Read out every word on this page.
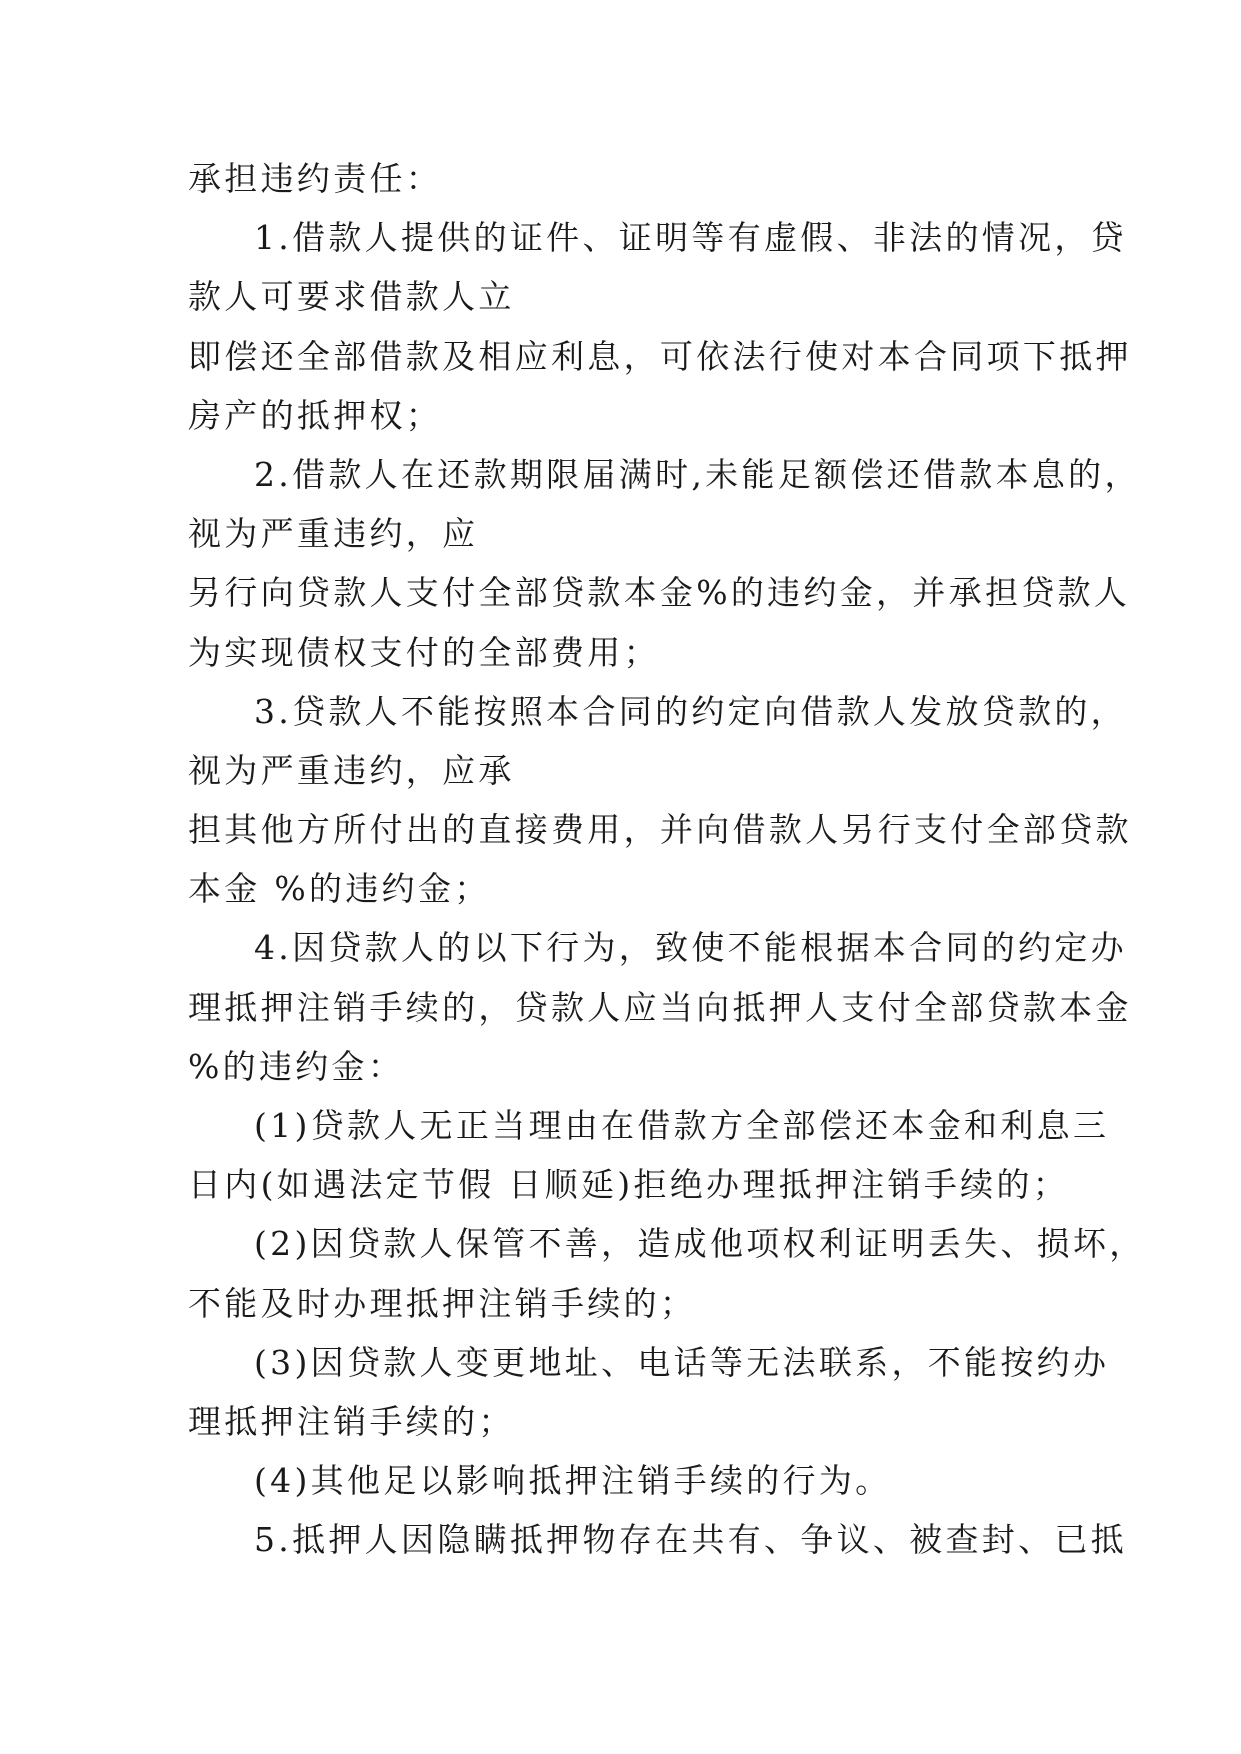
承担违约责任：
1.借款人提供的证件、证明等有虚假、非法的情况，贷
款人可要求借款人立
即偿还全部借款及相应利息，可依法行使对本合同项下抵押
房产的抵押权；
2.借款人在还款期限届满时,未能足额偿还借款本息的，
视为严重违约，应
另行向贷款人支付全部贷款本金%的违约金，并承担贷款人
为实现债权支付的全部费用；
3.贷款人不能按照本合同的约定向借款人发放贷款的，
视为严重违约，应承
担其他方所付出的直接费用，并向借款人另行支付全部贷款
本金 %的违约金；
4.因贷款人的以下行为，致使不能根据本合同的约定办
理抵押注销手续的，贷款人应当向抵押人支付全部贷款本金
%的违约金：
(1)贷款人无正当理由在借款方全部偿还本金和利息三
日内(如遇法定节假 日顺延)拒绝办理抵押注销手续的；
(2)因贷款人保管不善，造成他项权利证明丢失、损坏，
不能及时办理抵押注销手续的；
(3)因贷款人变更地址、电话等无法联系，不能按约办
理抵押注销手续的；
(4)其他足以影响抵押注销手续的行为。
5.抵押人因隐瞒抵押物存在共有、争议、被查封、已抵
